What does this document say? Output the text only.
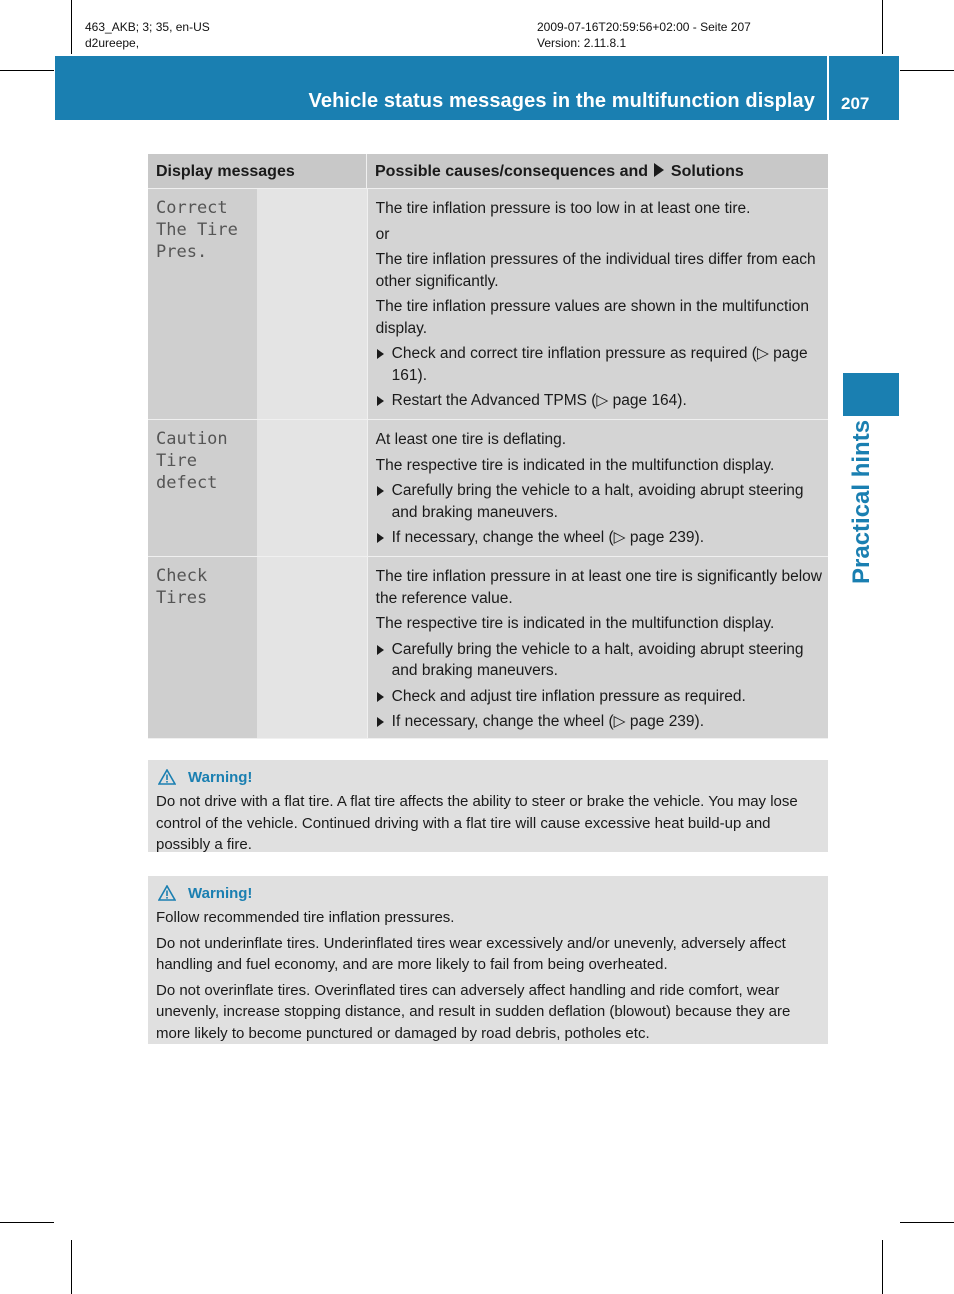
463_AKB; 3; 35, en-US
d2ureepe,
2009-07-16T20:59:56+02:00 - Seite 207
Version: 2.11.8.1
Vehicle status messages in the multifunction display 207
Practical hints
Display messages	Possible causes/consequences and Solutions
Correct
The Tire
Pres.

The tire inflation pressure is too low in at least one tire.

or

The tire inflation pressures of the individual tires differ from each other significantly.

The tire inflation pressure values are shown in the multifunction display.

Check and correct tire inflation pressure as required (▷ page 161).
Restart the Advanced TPMS (▷ page 164).
Caution
Tire
defect

At least one tire is deflating.

The respective tire is indicated in the multifunction display.

Carefully bring the vehicle to a halt, avoiding abrupt steering and braking maneuvers.
If necessary, change the wheel (▷ page 239).
Check
Tires

The tire inflation pressure in at least one tire is significantly below the reference value.

The respective tire is indicated in the multifunction display.

Carefully bring the vehicle to a halt, avoiding abrupt steering and braking maneuvers.
Check and adjust tire inflation pressure as required.
If necessary, change the wheel (▷ page 239).
Warning!

Do not drive with a flat tire. A flat tire affects the ability to steer or brake the vehicle. You may lose control of the vehicle. Continued driving with a flat tire will cause excessive heat build-up and possibly a fire.

Warning!

Follow recommended tire inflation pressures.

Do not underinflate tires. Underinflated tires wear excessively and/or unevenly, adversely affect handling and fuel economy, and are more likely to fail from being overheated.

Do not overinflate tires. Overinflated tires can adversely affect handling and ride comfort, wear unevenly, increase stopping distance, and result in sudden deflation (blowout) because they are more likely to become punctured or damaged by road debris, potholes etc.
